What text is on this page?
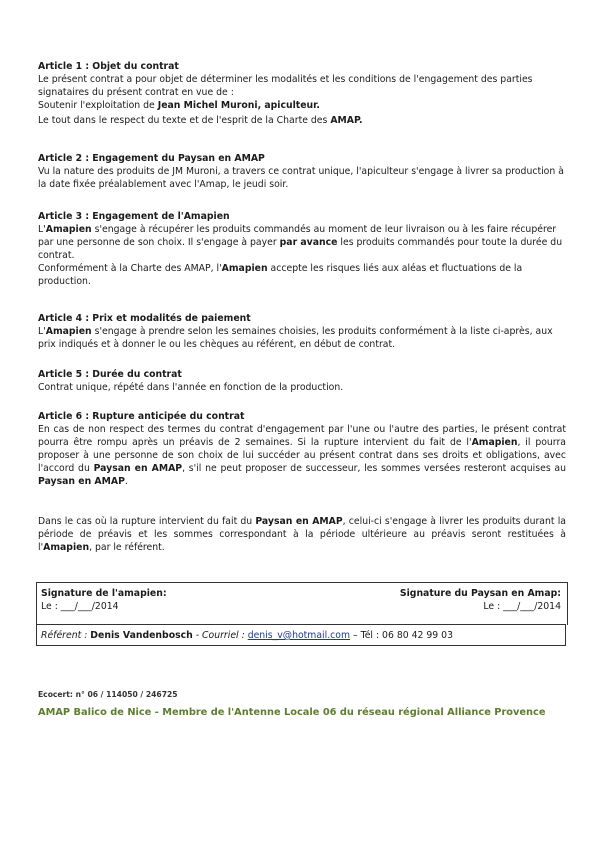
Article 1 : Objet du contrat

Le présent contrat a pour objet de déterminer les modalités et les conditions de l'engagement des parties signataires du présent contrat en vue de :

Soutenir l'exploitation de Jean Michel Muroni, apiculteur.

Le tout dans le respect du texte et de l'esprit de la Charte des AMAP.

Article 2 : Engagement du Paysan en AMAP

Vu la nature des produits de JM Muroni, a travers ce contrat unique, l'apiculteur s'engage à livrer sa production à la date fixée préalablement avec l'Amap, le jeudi soir.

Article 3 : Engagement de l'Amapien

L'Amapien s'engage à récupérer les produits commandés au moment de leur livraison ou à les faire récupérer par une personne de son choix. Il s'engage à payer par avance les produits commandés pour toute la durée du contrat.

Conformément à la Charte des AMAP, l'Amapien accepte les risques liés aux aléas et fluctuations de la production.

Article 4 : Prix et modalités de paiement

L'Amapien s'engage à prendre selon les semaines choisies, les produits conformément à la liste ci-après, aux prix indiqués et à donner le ou les chèques au référent, en début de contrat.

Article 5 : Durée du contrat

Contrat unique, répété dans l'année en fonction de la production.

Article 6 : Rupture anticipée du contrat

En cas de non respect des termes du contrat d'engagement par l'une ou l'autre des parties, le présent contrat pourra être rompu après un préavis de 2 semaines. Si la rupture intervient du fait de l'Amapien, il pourra proposer à une personne de son choix de lui succéder au présent contrat dans ses droits et obligations, avec l'accord du Paysan en AMAP, s'il ne peut proposer de successeur, les sommes versées resteront acquises au Paysan en AMAP.

Dans le cas où la rupture intervient du fait du Paysan en AMAP, celui-ci s'engage à livrer les produits durant la période de préavis et les sommes correspondant à la période ultérieure au préavis seront restituées à l'Amapien, par le référent.

Signature de l'amapien:
Le : ___/___/2014
Signature du Paysan en Amap:
Le : ___/___/2014
Référent : Denis Vandenbosch - Courriel : denis_v@hotmail.com – Tél : 06 80 42 99 03
Ecocert: n° 06 / 114050 / 246725
AMAP Balico de Nice - Membre de l'Antenne Locale 06 du réseau régional Alliance Provence
